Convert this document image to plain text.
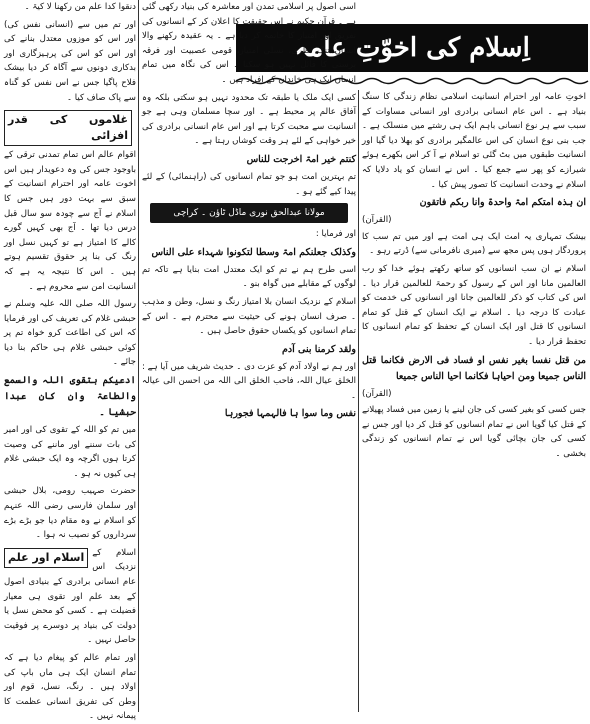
اِسلام کی اخوّتِ عامہ

دنقوا کدا علم من رکھنا لا کیۃ ۔

اور تم میں سے (انسانی نفس کی) اور اس کو موزوں معتدل بنانے کی اور اس کو اس کی پرہیزگاری اور بدکاری دونوں سے آگاہ کر دیا بیشک فلاح پاگیا جس نے اس نفس کو گناہ سے پاک صاف کیا ۔

غلاموں کی قدر افزائی
اقوام عالم اس تمام تمدنی ترقی کے باوجود جس کی وہ دعویدار ہیں اس اخوت عامہ اور احترام انسانیت کے سبق سے بہت دور ہیں جس کا اسلام نے آج سے چودہ سو سال قبل درس دیا تھا ۔ آج بھی کہیں گورے کالے کا امتیاز ہے تو کہیں نسل اور رنگ کی بنا پر حقوق تقسیم ہوتے ہیں ۔ اس کا نتیجہ یہ ہے کہ انسانیت امن سے محروم ہے ۔

رسول اللہ صلی اللہ علیہ وسلم نے حبشی غلام کی تعریف کی اور فرمایا کہ اس کی اطاعت کرو خواہ تم پر کوئی حبشی غلام ہی حاکم بنا دیا جائے ۔

ادعیکم بتقوی اللہ والسمع والطاعۃ وان کان عبدا حبشیا ۔

میں تم کو اللہ کے تقوی کی اور امیر کی بات سننے اور ماننے کی وصیت کرتا ہوں اگرچہ وہ ایک حبشی غلام ہی کیوں نہ ہو ۔

حضرت صہیب رومی، بلال حبشی اور سلمان فارسی رضی اللہ عنہم کو اسلام نے وہ مقام دیا جو بڑے بڑے سرداروں کو نصیب نہ ہوا ۔

اسلام اور علم اسلام کے نزدیک اس عام انسانی برادری کے بنیادی اصول کے بعد علم اور تقوی ہی معیار فضیلت ہے ۔ کسی کو محض نسل یا دولت کی بنیاد پر دوسرے پر فوقیت حاصل نہیں ۔

اور تمام عالم کو پیغام دیا ہے کہ تمام انسان ایک ہی ماں باپ کی اولاد ہیں ۔ رنگ، نسل، قوم اور وطن کی تفریق انسانی عظمت کا پیمانہ نہیں ۔

اسی اصول پر اسلامی تمدن اور معاشرہ کی بنیاد رکھی گئی ہے ۔ قرآن حکیم نے اس حقیقت کا اعلان کر کے انسانوں کی تفریق اور امتیاز کا خاتمہ کر دیا ہے ۔ یہ عقیدہ رکھنے والا انسان تنگ نظری، نسلی امتیاز، قومی عصبیت اور فرقہ پرستی کا قائل نہیں ہو سکتا ۔ اس کی نگاہ میں تمام انسان ایک ہی خاندان کے افراد ہیں ۔

کسی ایک ملک یا طبقہ تک محدود نہیں ہو سکتی بلکہ وہ آفاق عالم پر محیط ہے ۔ اور سچا مسلمان وہی ہے جو انسانیت سے محبت کرتا ہے اور اس عام انسانی برادری کی خیر خواہی کے لئے ہر وقت کوشاں رہتا ہے ۔

کنتم خیر امۃ اخرجت للناس

تم بہترین امت ہو جو تمام انسانوں کی (راہنمائی) کے لئے پیدا کیے گئے ہو ۔

مولانا عبدالحق نوری ماڈل ٹاؤن ۔ کراچی

اور فرمایا :

وکذلک جعلنکم امۃ وسطا لتکونوا شہداء علی الناس

اسی طرح ہم نے تم کو ایک معتدل امت بنایا ہے تاکہ تم لوگوں کے مقابلے میں گواہ بنو ۔

اسلام کے نزدیک انسان بلا امتیاز رنگ و نسل، وطن و مذہب ۔ صرف انسان ہونے کی حیثیت سے محترم ہے ۔ اس کے تمام انسانوں کو یکساں حقوق حاصل ہیں ۔

ولقد کرمنا بنی آدم

اور ہم نے اولاد آدم کو عزت دی ۔ حدیث شریف میں آیا ہے : الخلق عیال اللہ، فاحب الخلق الی اللہ من احسن الی عیالہ ۔

نفس وما سوا ہا فالہمہا فجورہا

اخوتِ عامہ اور احترام انسانیت اسلامی نظام زندگی کا سنگ بنیاد ہے ۔ اس عام انسانی برادری اور انسانی مساوات کے سبب سے ہر نوع انسانی باہم ایک ہی رشتے میں منسلک ہے ۔ جب بنی نوع انسان کی اس عالمگیر برادری کو بھلا دیا گیا اور انسانیت طبقوں میں بٹ گئی تو اسلام نے آ کر اس بکھرے ہوئے شیرازے کو پھر سے جمع کیا ۔ اس نے انسان کو یاد دلایا کہ اسلام نے وحدت انسانیت کا تصور پیش کیا ۔

ان ہذہ امتکم امۃ واحدۃ وانا ربکم فاتقون

(القرآن)

بیشک تمہاری یہ امت ایک ہی امت ہے اور میں تم سب کا پروردگار ہوں پس مجھ سے (میری نافرمانی سے) ڈرتے رہو ۔

اسلام نے ان سب انسانوں کو ساتھ رکھتے ہوئے خدا کو رب العالمین مانا اور اس کے رسول کو رحمۃ للعالمین قرار دیا ۔ اس کی کتاب کو ذکر للعالمین جانا اور انسانوں کی خدمت کو عبادت کا درجہ دیا ۔ اسلام نے ایک انسان کے قتل کو تمام انسانوں کا قتل اور ایک انسان کے تحفظ کو تمام انسانوں کا تحفظ قرار دیا ۔

من قتل نفسا بغیر نفس او فساد فی الارض فکانما قتل الناس جمیعا ومن احیاہا فکانما احیا الناس جمیعا

(القرآن)

جس کسی کو بغیر کسی کی جان لینے یا زمین میں فساد پھیلانے کے قتل کیا گویا اس نے تمام انسانوں کو قتل کر دیا اور جس نے کسی کی جان بچائی گویا اس نے تمام انسانوں کو زندگی بخشی ۔
